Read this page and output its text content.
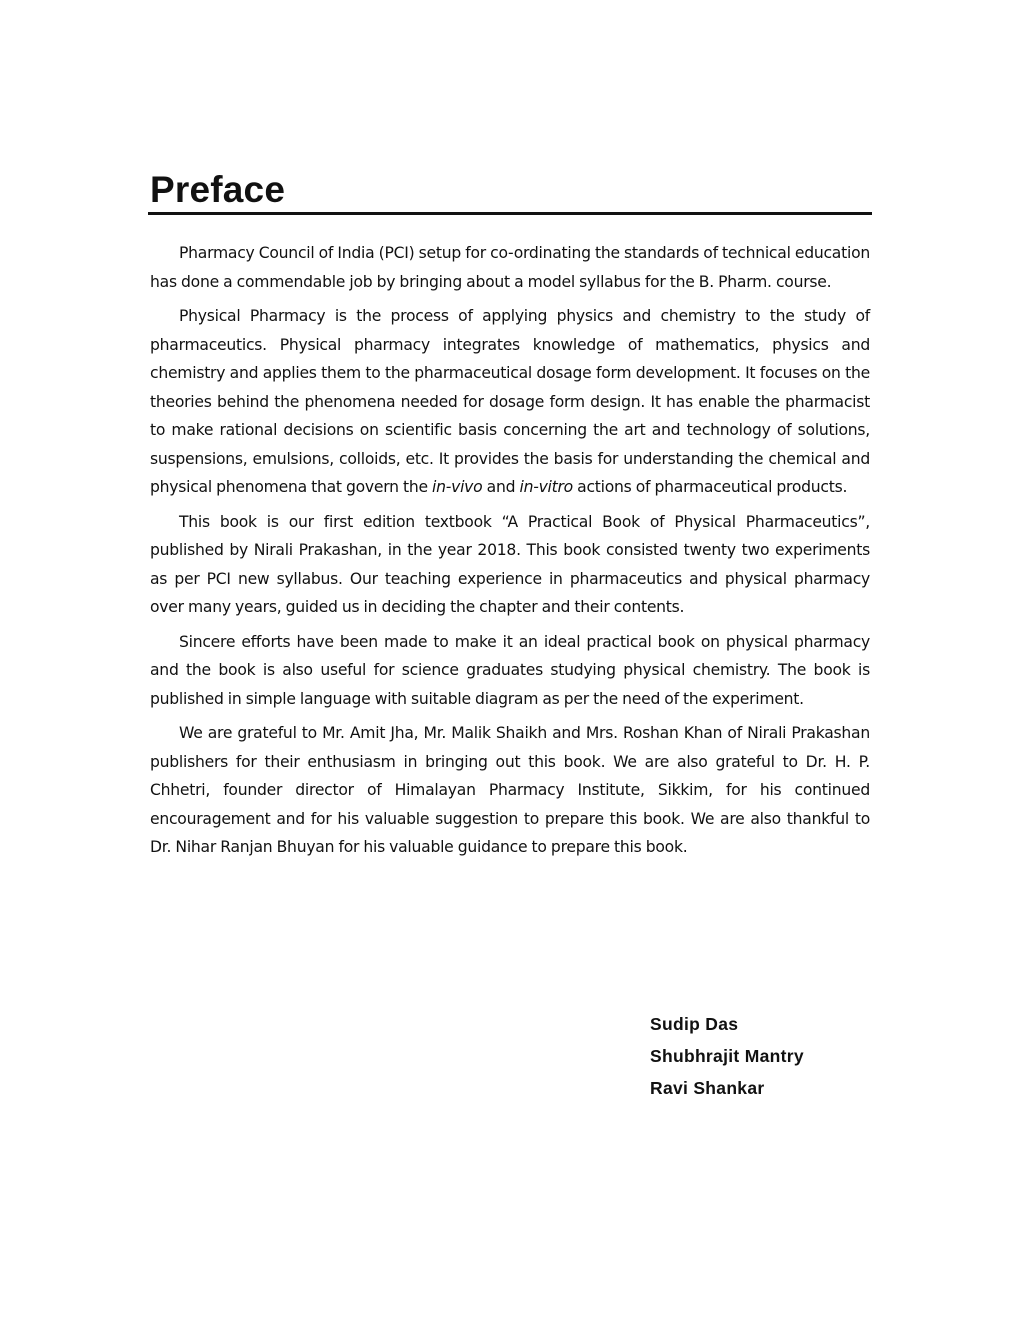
Preface

Pharmacy Council of India (PCI) setup for co-ordinating the standards of technical education has done a commendable job by bringing about a model syllabus for the B. Pharm. course.

Physical Pharmacy is the process of applying physics and chemistry to the study of pharmaceutics. Physical pharmacy integrates knowledge of mathematics, physics and chemistry and applies them to the pharmaceutical dosage form development. It focuses on the theories behind the phenomena needed for dosage form design. It has enable the pharmacist to make rational decisions on scientific basis concerning the art and technology of solutions, suspensions, emulsions, colloids, etc. It provides the basis for understanding the chemical and physical phenomena that govern the in-vivo and in-vitro actions of pharmaceutical products.

This book is our first edition textbook “A Practical Book of Physical Pharmaceutics”, published by Nirali Prakashan, in the year 2018. This book consisted twenty two experiments as per PCI new syllabus. Our teaching experience in pharmaceutics and physical pharmacy over many years, guided us in deciding the chapter and their contents.

Sincere efforts have been made to make it an ideal practical book on physical pharmacy and the book is also useful for science graduates studying physical chemistry. The book is published in simple language with suitable diagram as per the need of the experiment.

We are grateful to Mr. Amit Jha, Mr. Malik Shaikh and Mrs. Roshan Khan of Nirali Prakashan publishers for their enthusiasm in bringing out this book. We are also grateful to Dr. H. P. Chhetri, founder director of Himalayan Pharmacy Institute, Sikkim, for his continued encouragement and for his valuable suggestion to prepare this book. We are also thankful to Dr. Nihar Ranjan Bhuyan for his valuable guidance to prepare this book.

Sudip Das
Shubhrajit Mantry
Ravi Shankar
